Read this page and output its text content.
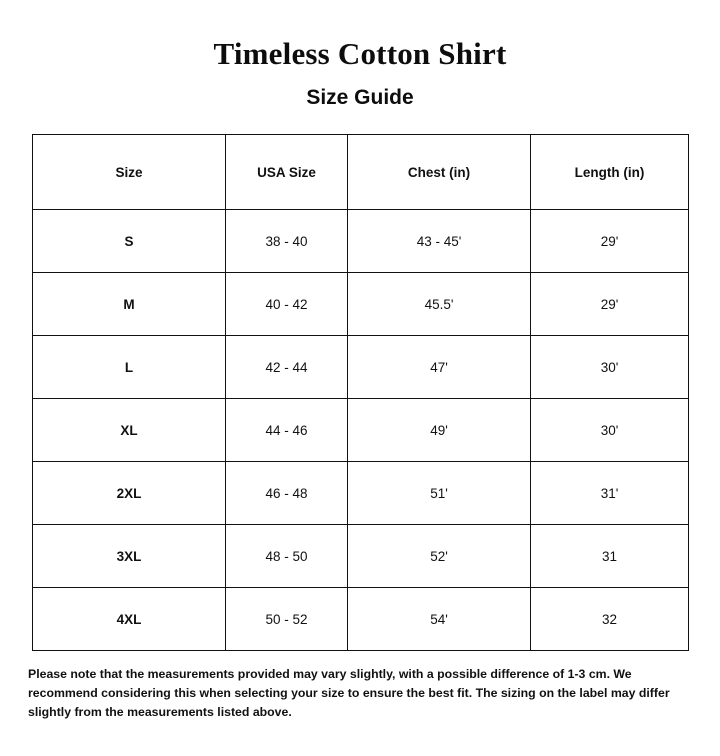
Timeless Cotton Shirt
Size Guide
Size	USA Size	Chest (in)	Length (in)
S	38 - 40	43 - 45'	29'
M	40 - 42	45.5'	29'
L	42 - 44	47'	30'
XL	44 - 46	49'	30'
2XL	46 - 48	51'	31'
3XL	48 - 50	52'	31
4XL	50 - 52	54'	32

Please note that the measurements provided may vary slightly, with a possible difference of 1-3 cm. We recommend considering this when selecting your size to ensure the best fit. The sizing on the label may differ slightly from the measurements listed above.
